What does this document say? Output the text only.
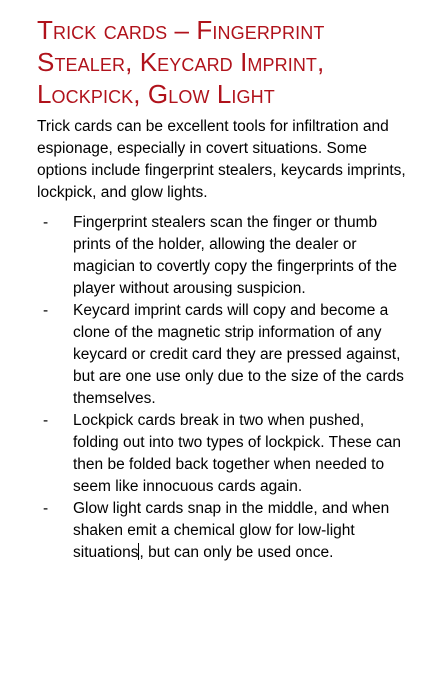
Trick cards – Fingerprint Stealer, Keycard Imprint, Lockpick, Glow Light

Trick cards can be excellent tools for infiltration and espionage, especially in covert situations. Some options include fingerprint stealers, keycards imprints, lockpick, and glow lights.

-	Fingerprint stealers scan the finger or thumb prints of the holder, allowing the dealer or magician to covertly copy the fingerprints of the player without arousing suspicion.
-	Keycard imprint cards will copy and become a clone of the magnetic strip information of any keycard or credit card they are pressed against, but are one use only due to the size of the cards themselves.
-	Lockpick cards break in two when pushed, folding out into two types of lockpick. These can then be folded back together when needed to seem like innocuous cards again.
-	Glow light cards snap in the middle, and when shaken emit a chemical glow for low-light situations, but can only be used once.
